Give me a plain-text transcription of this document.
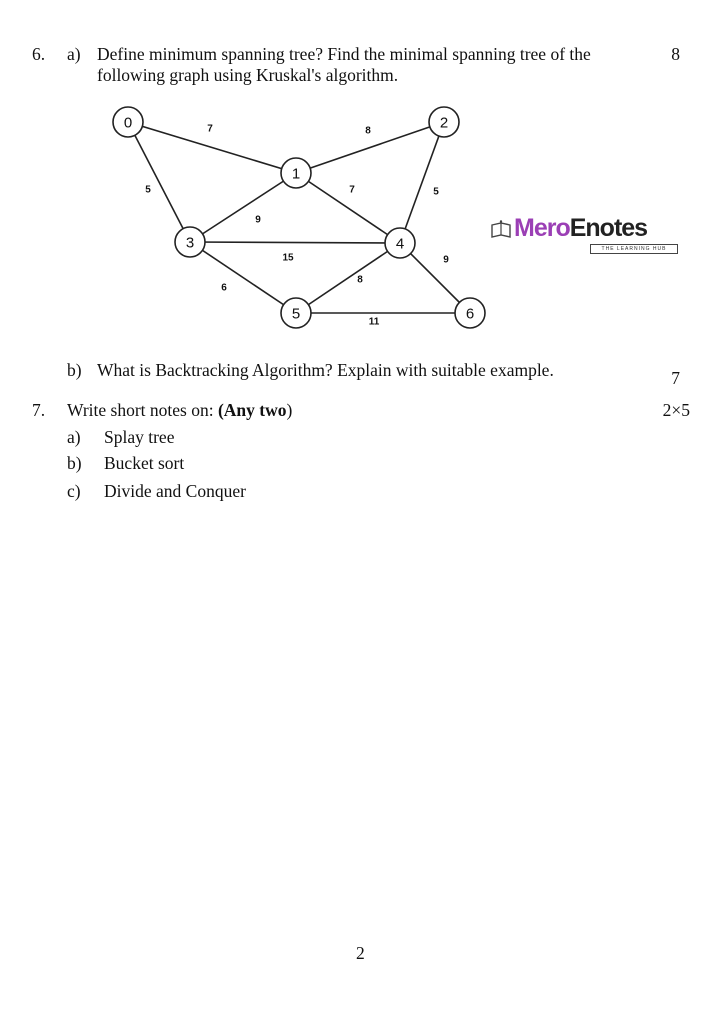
6. a) Define minimum spanning tree? Find the minimal spanning tree of the
following graph using Kruskal's algorithm.
8
7	8
5
9
7	5
15
6
8
9
11
0
1
2
3	4
5	6
MeroEnotes
THE LEARNING HUB
b) What is Backtracking Algorithm? Explain with suitable example.	7
7. Write short notes on: (Any two)	2×5
a) Splay tree
b) Bucket sort
c) Divide and Conquer
2
